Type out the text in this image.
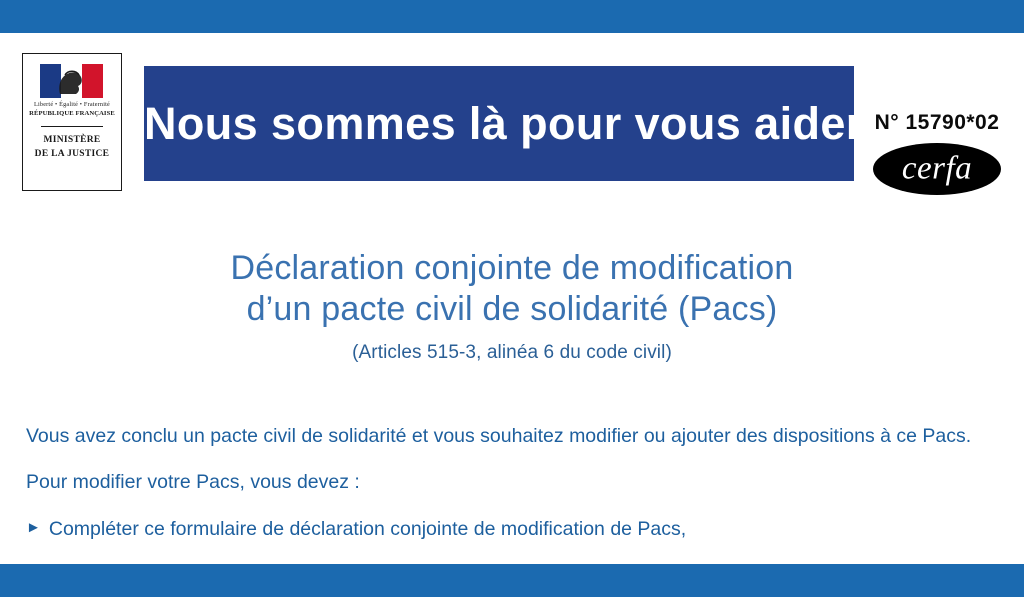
Liberté • Égalité • Fraternité
RÉPUBLIQUE FRANÇAISE
MINISTÈRE
DE LA JUSTICE
Nous sommes là pour vous aider N° 15790*02
cerfa
Déclaration conjointe de modification
d’un pacte civil de solidarité (Pacs)
(Articles 515-3, alinéa 6 du code civil)
Vous avez conclu un pacte civil de solidarité et vous souhaitez modifier ou ajouter des dispositions à ce Pacs.
Pour modifier votre Pacs, vous devez :
► Compléter ce formulaire de déclaration conjointe de modification de Pacs,
